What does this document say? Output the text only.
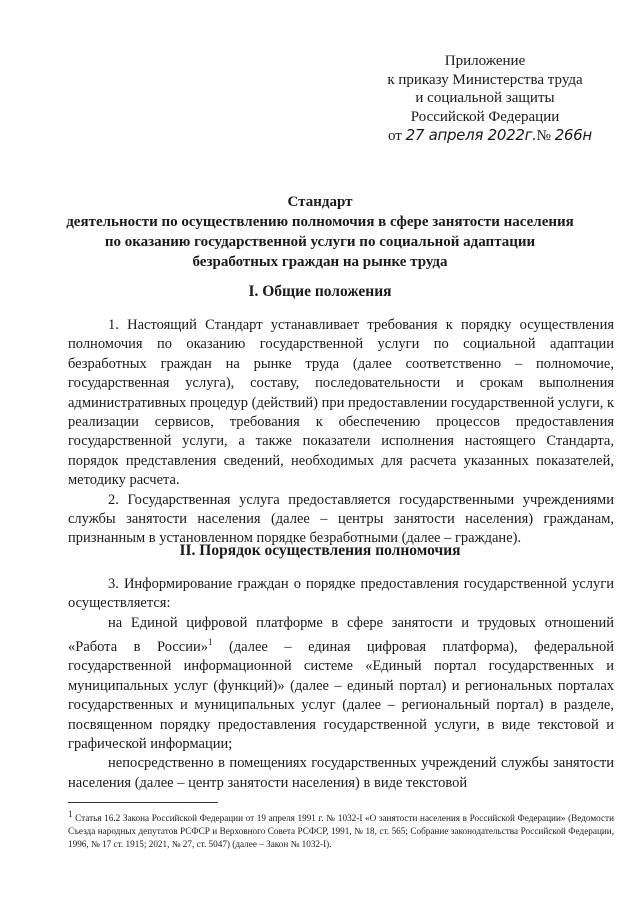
Приложение
к приказу Министерства труда
и социальной защиты
Российской Федерации
от 27 апреля 2022г.№ 266н
Стандарт
деятельности по осуществлению полномочия в сфере занятости населения
по оказанию государственной услуги по социальной адаптации
безработных граждан на рынке труда
I. Общие положения
1. Настоящий Стандарт устанавливает требования к порядку осуществления полномочия по оказанию государственной услуги по социальной адаптации безработных граждан на рынке труда (далее соответственно – полномочие, государственная услуга), составу, последовательности и срокам выполнения административных процедур (действий) при предоставлении государственной услуги, к реализации сервисов, требования к обеспечению процессов предоставления государственной услуги, а также показатели исполнения настоящего Стандарта, порядок представления сведений, необходимых для расчета указанных показателей, методику расчета.
2. Государственная услуга предоставляется государственными учреждениями службы занятости населения (далее – центры занятости населения) гражданам, признанным в установленном порядке безработными (далее – граждане).
II. Порядок осуществления полномочия
3. Информирование граждан о порядке предоставления государственной услуги осуществляется:
на Единой цифровой платформе в сфере занятости и трудовых отношений «Работа в России»$^1$ (далее – единая цифровая платформа), федеральной государственной информационной системе «Единый портал государственных и муниципальных услуг (функций)» (далее – единый портал) и региональных порталах государственных и муниципальных услуг (далее – региональный портал) в разделе, посвященном порядку предоставления государственной услуги, в виде текстовой и графической информации;
непосредственно в помещениях государственных учреждений службы занятости населения (далее – центр занятости населения) в виде текстовой
$^1$ Статья 16.2 Закона Российской Федерации от 19 апреля 1991 г. № 1032-I «О занятости населения в Российской Федерации» (Ведомости Съезда народных депутатов РСФСР и Верховного Совета РСФСР, 1991, № 18, ст. 565; Собрание законодательства Российской Федерации, 1996, № 17 ст. 1915; 2021, № 27, ст. 5047) (далее – Закон № 1032-I).
